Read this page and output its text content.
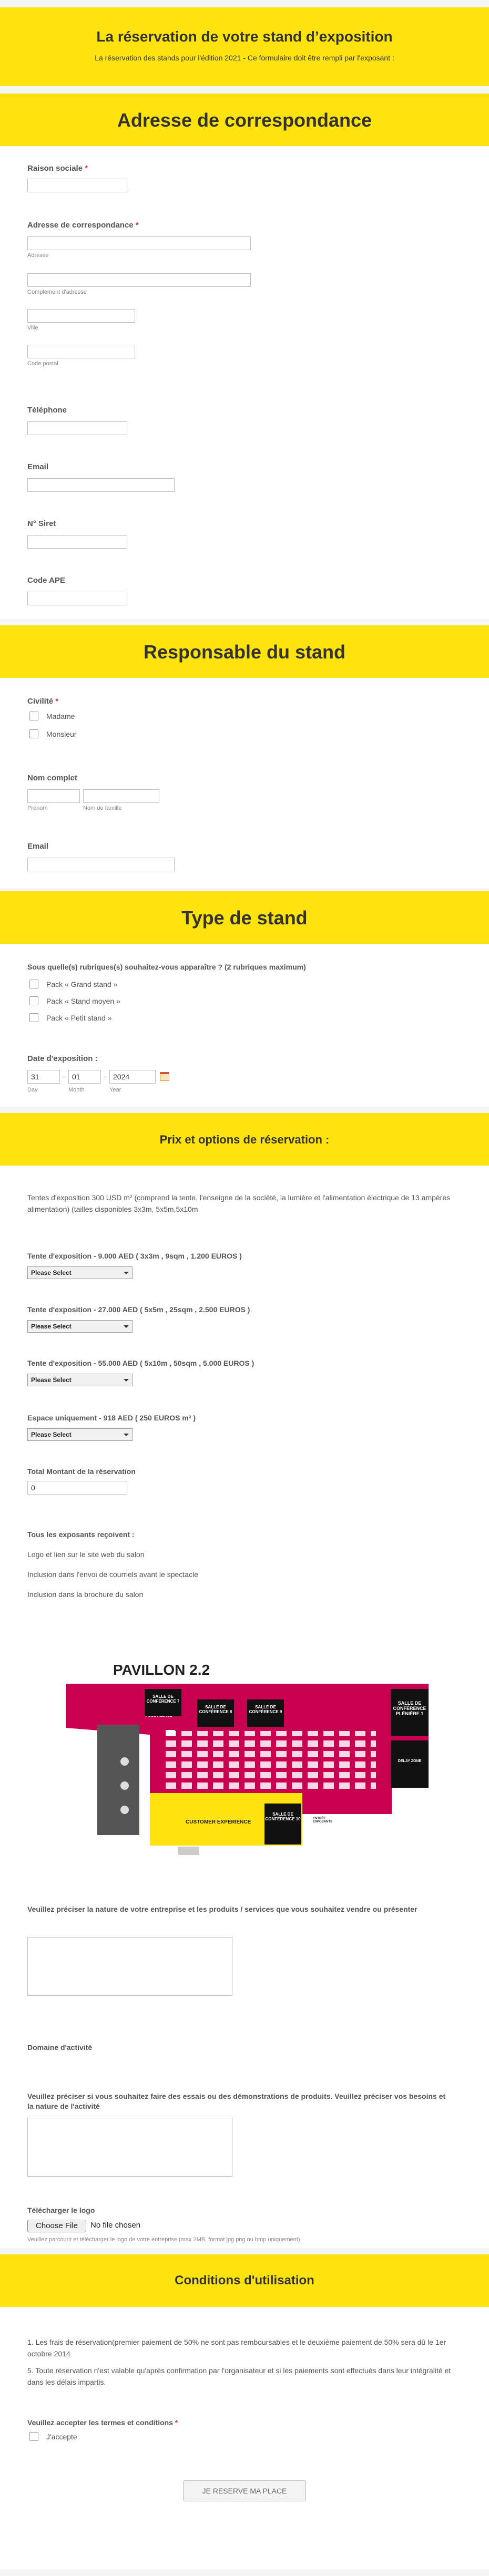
La réservation de votre stand d’exposition
La réservation des stands pour l'édition 2021 - Ce formulaire doit être rempli par l'exposant :
Adresse de correspondance
Raison sociale *
Adresse de correspondance *
Adresse
Complément d'adresse
Ville
Code postal
Téléphone
Email
N° Siret
Code APE
Responsable du stand
Civilité *
Madame
Monsieur
Nom complet
Prénom	Nom de famille
Email
Type de stand
Sous quelle(s) rubriques(s) souhaitez-vous apparaître ? (2 rubriques maximum)
Pack « Grand stand »
Pack « Stand moyen »
Pack « Petit stand »
Date d'exposition :
31
-
01	-
2024
Day	Month	Year
Prix et options de réservation :
Tentes d'exposition 300 USD m² (comprend la tente, l'enseigne de la société, la lumière et l'alimentation électrique de 13 ampères alimentation) (tailles disponibles 3x3m, 5x5m,5x10m
Tente d'exposition - 9.000 AED ( 3x3m , 9sqm , 1.200 EUROS )
Please Select
Tente d'exposition - 27.000 AED ( 5x5m , 25sqm , 2.500 EUROS )
Please Select
Tente d'exposition - 55.000 AED ( 5x10m , 50sqm , 5.000 EUROS )
Please Select
Espace uniquement - 918 AED ( 250 EUROS m² )
Please Select
Total Montant de la réservation
0
Tous les exposants reçoivent :
Logo et lien sur le site web du salon
Inclusion dans l'envoi de courriels avant le spectacle
Inclusion dans la brochure du salon
PAVILLON 2.2
SALLE DE CONFÉRENCE 7
SALLE DE CONFÉRENCE 8
SALLE DE CONFÉRENCE 9
SALLE DE CONFÉRENCE PLÉNIÈRE 1
DELAY ZONE
CUSTOMER EXPERIENCE
SALLE DE CONFÉRENCE 10	ENTRÉE EXPOSANTS
Veuillez préciser la nature de votre entreprise et les produits / services que vous souhaitez vendre ou présenter
Domaine d'activité
Veuillez préciser si vous souhaitez faire des essais ou des démonstrations de produits. Veuillez préciser vos besoins et la nature de l'activité
Télécharger le logo
Choose File	No file chosen
Veuillez parcourir et télécharger le logo de votre entreprise (max 2MB, format jpg png ou bmp uniquement)
Conditions d'utilisation
1. Les frais de réservation(premier paiement de 50% ne sont pas remboursables et le deuxième paiement de 50% sera dû le 1er octobre 2014
5. Toute réservation n'est valable qu'après confirmation par l'organisateur et si les paiements sont effectués dans leur intégralité et dans les délais impartis.
Veuillez accepter les termes et conditions *
J'accepte
JE RESERVE MA PLACE
